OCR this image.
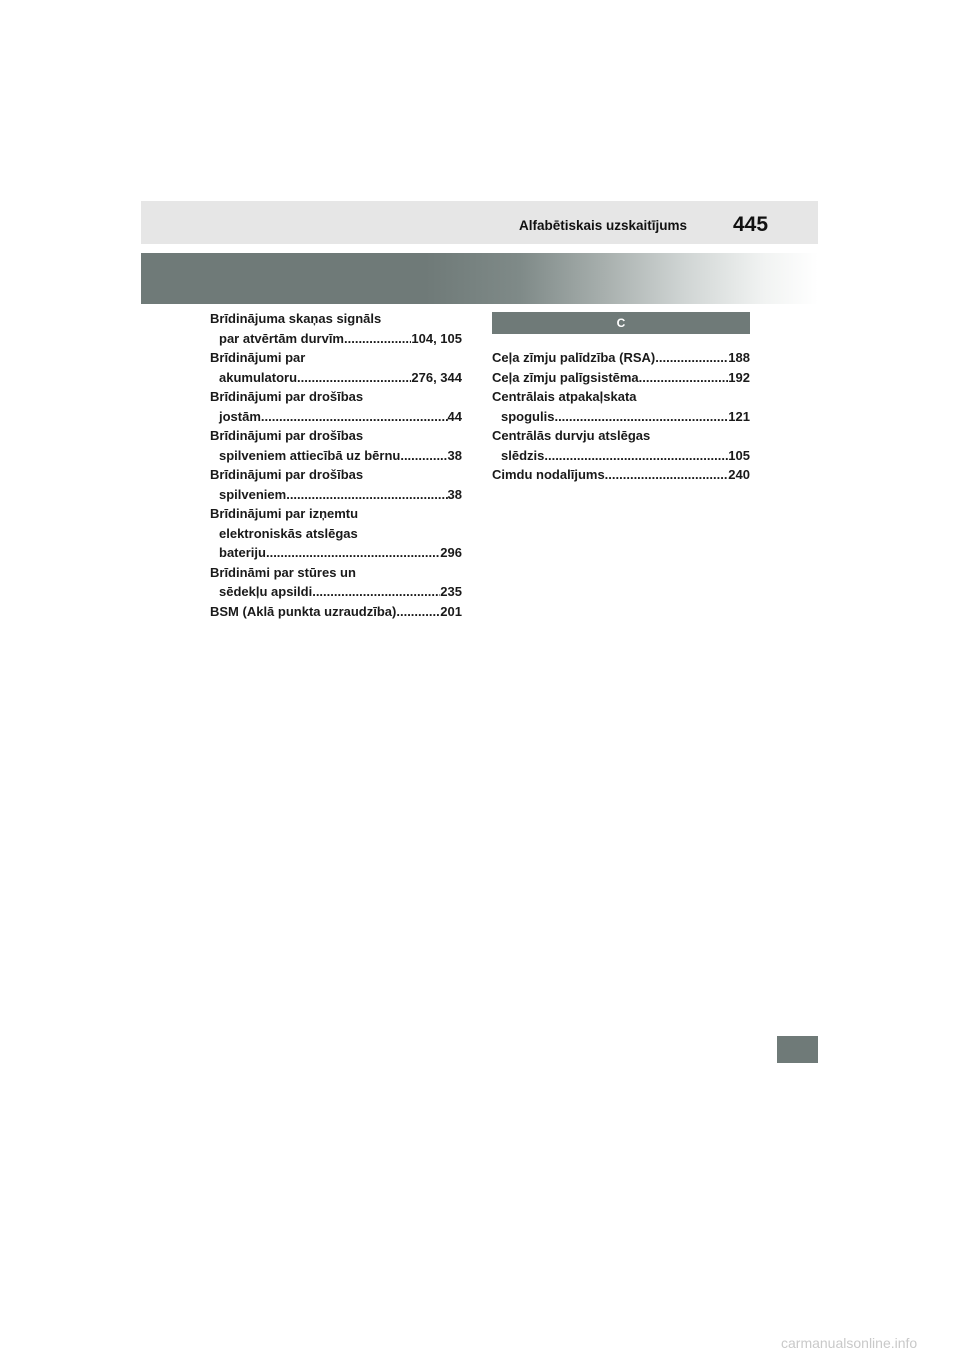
Alfabētiskais uzskaitījums 445
Brīdinājuma skaņas signāls
par atvērtām durvīm .....	104, 105
Brīdinājumi par
akumulatoru .....	276, 344
Brīdinājumi par drošības
jostām .....	44
Brīdinājumi par drošības
spilveniem attiecībā uz bērnu .....	38
Brīdinājumi par drošības
spilveniem .....	38
Brīdinājumi par izņemtu
elektroniskās atslēgas
bateriju .....	296
Brīdināmi par stūres un
sēdekļu apsildi .....	235
BSM (Aklā punkta uzraudzība) .....	201
C
Ceļa zīmju palīdzība (RSA) .....	188
Ceļa zīmju palīgsistēma .....	192
Centrālais atpakaļskata
spogulis .....	121
Centrālās durvju atslēgas
slēdzis .....	105
Cimdu nodalījums .....	240
carmanualsonline.info
